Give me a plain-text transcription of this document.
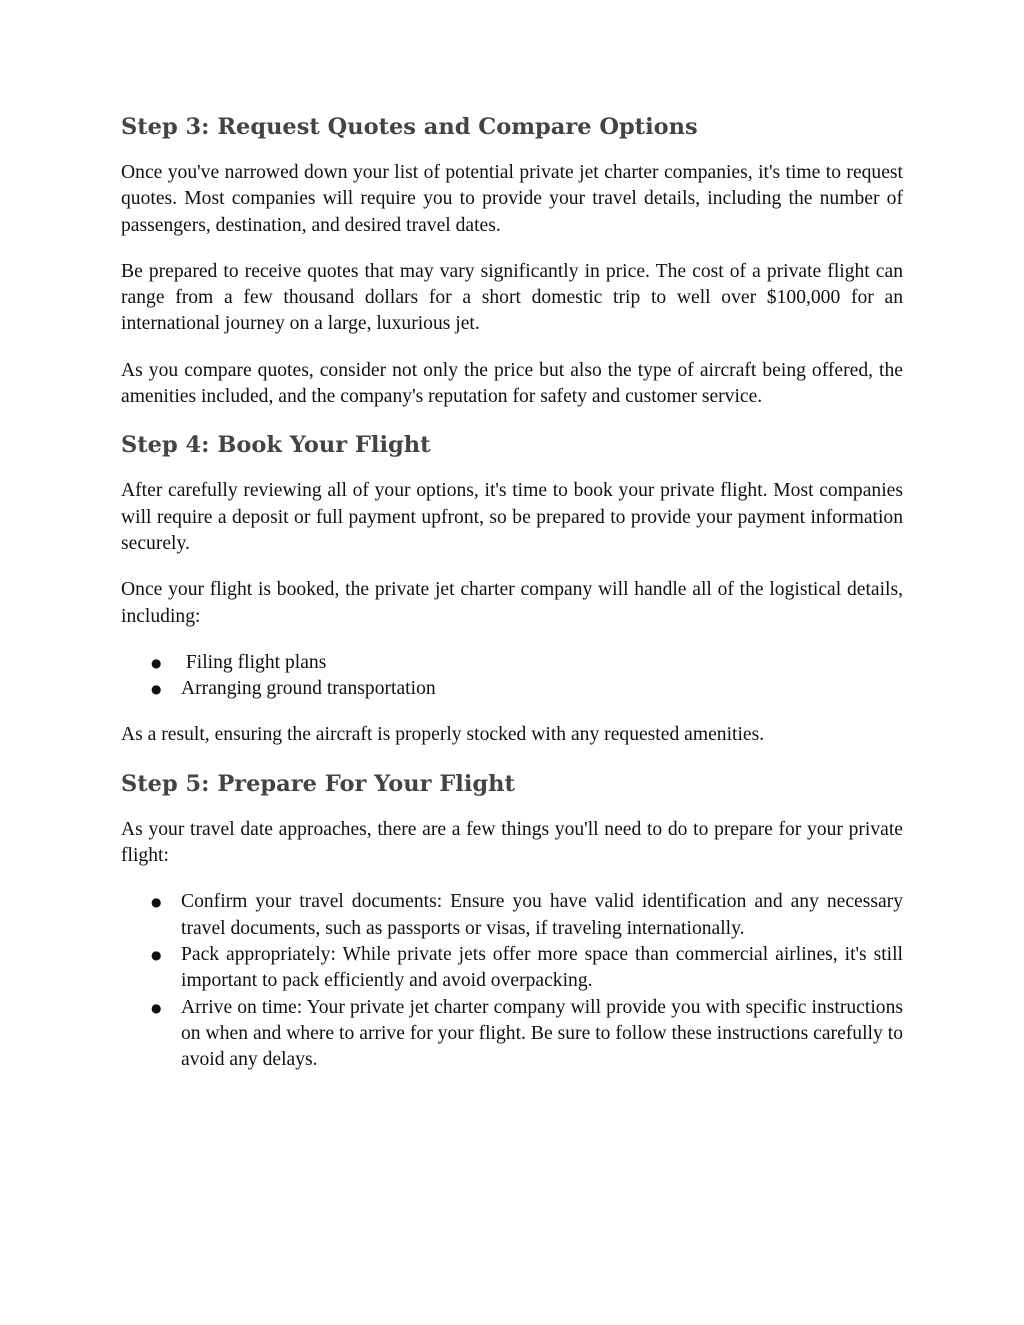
Step 3: Request Quotes and Compare Options

Once you've narrowed down your list of potential private jet charter companies, it's time to request quotes. Most companies will require you to provide your travel details, including the number of passengers, destination, and desired travel dates.

Be prepared to receive quotes that may vary significantly in price. The cost of a private flight can range from a few thousand dollars for a short domestic trip to well over $100,000 for an international journey on a large, luxurious jet.

As you compare quotes, consider not only the price but also the type of aircraft being offered, the amenities included, and the company's reputation for safety and customer service.

Step 4: Book Your Flight

After carefully reviewing all of your options, it's time to book your private flight. Most companies will require a deposit or full payment upfront, so be prepared to provide your payment information securely.

Once your flight is booked, the private jet charter company will handle all of the logistical details, including:

● Filing flight plans
● Arranging ground transportation

As a result, ensuring the aircraft is properly stocked with any requested amenities.

Step 5: Prepare For Your Flight

As your travel date approaches, there are a few things you'll need to do to prepare for your private flight:

● Confirm your travel documents: Ensure you have valid identification and any necessary travel documents, such as passports or visas, if traveling internationally.
● Pack appropriately: While private jets offer more space than commercial airlines, it's still important to pack efficiently and avoid overpacking.
● Arrive on time: Your private jet charter company will provide you with specific instructions on when and where to arrive for your flight. Be sure to follow these instructions carefully to avoid any delays.
